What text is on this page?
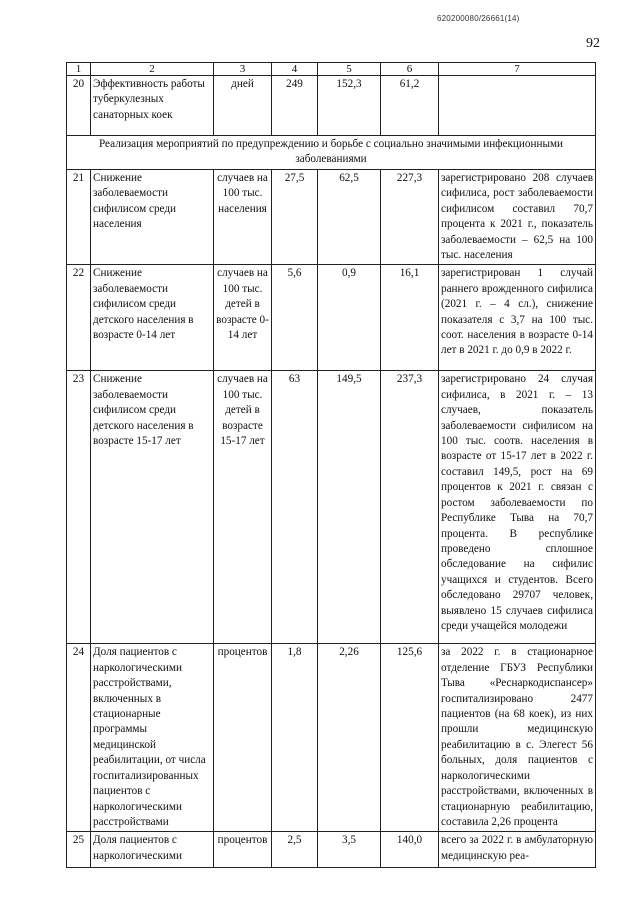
620200080/26661(14)
92
1	2	3	4	5	6	7
20	Эффективность работы туберкулезных санаторных коек	дней	249	152,3	61,2	
Реализация мероприятий по предупреждению и борьбе с социально значимыми инфекционными заболеваниями						
21	Снижение заболеваемости сифилисом среди населения	случаев на 100 тыс. населения	27,5	62,5	227,3	зарегистрировано 208 случаев сифилиса, рост заболеваемости сифилисом составил 70,7 процента к 2021 г., показатель заболеваемости – 62,5 на 100 тыс. населения
22	Снижение заболеваемости сифилисом среди детского населения в возрасте 0-14 лет	случаев на 100 тыс. детей в возрасте 0-14 лет	5,6	0,9	16,1	зарегистрирован 1 случай раннего врожденного сифилиса (2021 г. – 4 сл.), снижение показателя с 3,7 на 100 тыс. соот. населения в возрасте 0-14 лет в 2021 г. до 0,9 в 2022 г.
23	Снижение заболеваемости сифилисом среди детского населения в возрасте 15-17 лет	случаев на 100 тыс. детей в возрасте 15-17 лет	63	149,5	237,3	зарегистрировано 24 случая сифилиса, в 2021 г. – 13 случаев, показатель заболеваемости сифилисом на 100 тыс. соотв. населения в возрасте от 15-17 лет в 2022 г. составил 149,5, рост на 69 процентов к 2021 г. связан с ростом заболеваемости по Республике Тыва на 70,7 процента. В республике проведено сплошное обследование на сифилис учащихся и студентов. Всего обследовано 29707 человек, выявлено 15 случаев сифилиса среди учащейся молодежи
24	Доля пациентов с наркологическими расстройствами, включенных в стационарные программы медицинской реабилитации, от числа госпитализированных пациентов с наркологическими расстройствами	процентов	1,8	2,26	125,6	за 2022 г. в стационарное отделение ГБУЗ Республики Тыва «Реснаркодиспансер» госпитализировано 2477 пациентов (на 68 коек), из них прошли медицинскую реабилитацию в с. Элегест 56 больных, доля пациентов с наркологическими расстройствами, включенных в стационарную реабилитацию, составила 2,26 процента
25	Доля пациентов с наркологическими	процентов	2,5	3,5	140,0	всего за 2022 г. в амбулаторную медицинскую реа-
